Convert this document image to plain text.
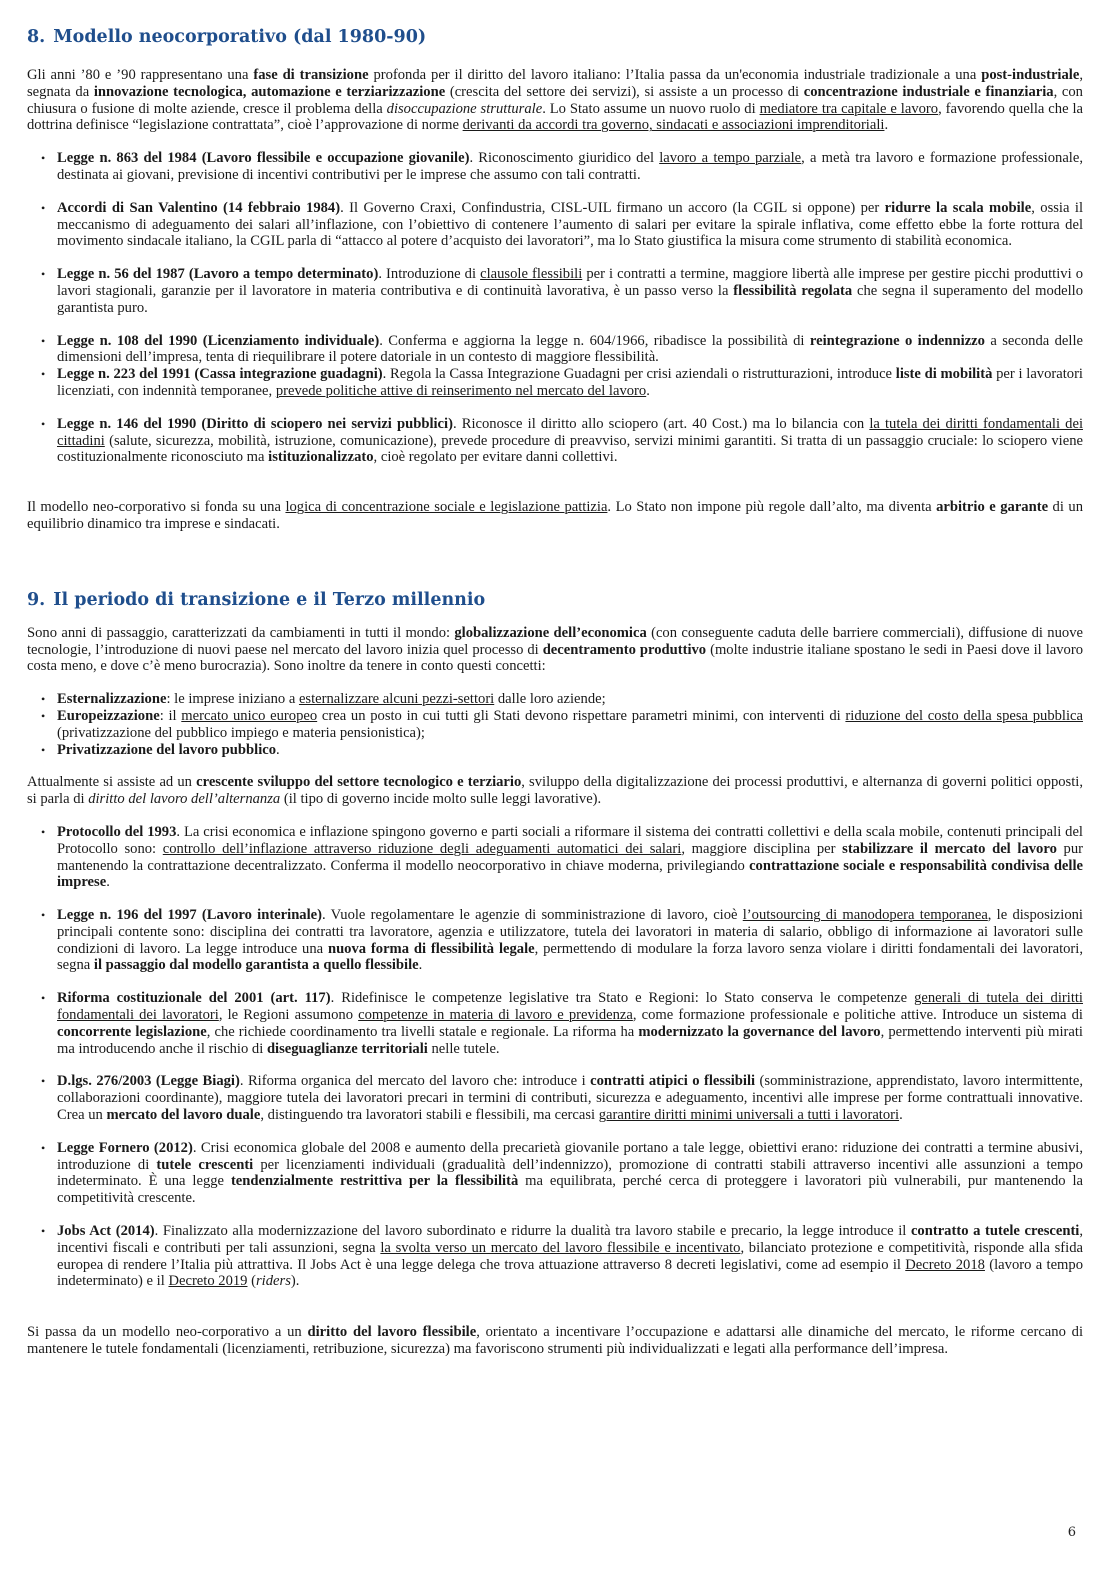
8. Modello neocorporativo (dal 1980-90)

Gli anni ’80 e ’90 rappresentano una fase di transizione profonda per il diritto del lavoro italiano: l’Italia passa da un'economia industriale tradizionale a una post-industriale, segnata da innovazione tecnologica, automazione e terziarizzazione (crescita del settore dei servizi), si assiste a un processo di concentrazione industriale e finanziaria, con chiusura o fusione di molte aziende, cresce il problema della disoccupazione strutturale. Lo Stato assume un nuovo ruolo di mediatore tra capitale e lavoro, favorendo quella che la dottrina definisce “legislazione contrattata”, cioè l’approvazione di norme derivanti da accordi tra governo, sindacati e associazioni imprenditoriali.

• Legge n. 863 del 1984 (Lavoro flessibile e occupazione giovanile). Riconoscimento giuridico del lavoro a tempo parziale, a metà tra lavoro e formazione professionale, destinata ai giovani, previsione di incentivi contributivi per le imprese che assumo con tali contratti.
• Accordi di San Valentino (14 febbraio 1984). Il Governo Craxi, Confindustria, CISL-UIL firmano un accoro (la CGIL si oppone) per ridurre la scala mobile, ossia il meccanismo di adeguamento dei salari all’inflazione, con l’obiettivo di contenere l’aumento di salari per evitare la spirale inflativa, come effetto ebbe la forte rottura del movimento sindacale italiano, la CGIL parla di “attacco al potere d’acquisto dei lavoratori”, ma lo Stato giustifica la misura come strumento di stabilità economica.
• Legge n. 56 del 1987 (Lavoro a tempo determinato). Introduzione di clausole flessibili per i contratti a termine, maggiore libertà alle imprese per gestire picchi produttivi o lavori stagionali, garanzie per il lavoratore in materia contributiva e di continuità lavorativa, è un passo verso la flessibilità regolata che segna il superamento del modello garantista puro.
• Legge n. 108 del 1990 (Licenziamento individuale). Conferma e aggiorna la legge n. 604/1966, ribadisce la possibilità di reintegrazione o indennizzo a seconda delle dimensioni dell’impresa, tenta di riequilibrare il potere datoriale in un contesto di maggiore flessibilità.
• Legge n. 223 del 1991 (Cassa integrazione guadagni). Regola la Cassa Integrazione Guadagni per crisi aziendali o ristrutturazioni, introduce liste di mobilità per i lavoratori licenziati, con indennità temporanee, prevede politiche attive di reinserimento nel mercato del lavoro.
• Legge n. 146 del 1990 (Diritto di sciopero nei servizi pubblici). Riconosce il diritto allo sciopero (art. 40 Cost.) ma lo bilancia con la tutela dei diritti fondamentali dei cittadini (salute, sicurezza, mobilità, istruzione, comunicazione), prevede procedure di preavviso, servizi minimi garantiti. Si tratta di un passaggio cruciale: lo sciopero viene costituzionalmente riconosciuto ma istituzionalizzato, cioè regolato per evitare danni collettivi.

Il modello neo-corporativo si fonda su una logica di concentrazione sociale e legislazione pattizia. Lo Stato non impone più regole dall’alto, ma diventa arbitrio e garante di un equilibrio dinamico tra imprese e sindacati.

9. Il periodo di transizione e il Terzo millennio

Sono anni di passaggio, caratterizzati da cambiamenti in tutti il mondo: globalizzazione dell’economica (con conseguente caduta delle barriere commerciali), diffusione di nuove tecnologie, l’introduzione di nuovi paese nel mercato del lavoro inizia quel processo di decentramento produttivo (molte industrie italiane spostano le sedi in Paesi dove il lavoro costa meno, e dove c’è meno burocrazia). Sono inoltre da tenere in conto questi concetti:

• Esternalizzazione: le imprese iniziano a esternalizzare alcuni pezzi-settori dalle loro aziende;
• Europeizzazione: il mercato unico europeo crea un posto in cui tutti gli Stati devono rispettare parametri minimi, con interventi di riduzione del costo della spesa pubblica (privatizzazione del pubblico impiego e materia pensionistica);
• Privatizzazione del lavoro pubblico.

Attualmente si assiste ad un crescente sviluppo del settore tecnologico e terziario, sviluppo della digitalizzazione dei processi produttivi, e alternanza di governi politici opposti, si parla di diritto del lavoro dell’alternanza (il tipo di governo incide molto sulle leggi lavorative).

• Protocollo del 1993. La crisi economica e inflazione spingono governo e parti sociali a riformare il sistema dei contratti collettivi e della scala mobile, contenuti principali del Protocollo sono: controllo dell’inflazione attraverso riduzione degli adeguamenti automatici dei salari, maggiore disciplina per stabilizzare il mercato del lavoro pur mantenendo la contrattazione decentralizzato. Conferma il modello neocorporativo in chiave moderna, privilegiando contrattazione sociale e responsabilità condivisa delle imprese.
• Legge n. 196 del 1997 (Lavoro interinale). Vuole regolamentare le agenzie di somministrazione di lavoro, cioè l’outsourcing di manodopera temporanea, le disposizioni principali contente sono: disciplina dei contratti tra lavoratore, agenzia e utilizzatore, tutela dei lavoratori in materia di salario, obbligo di informazione ai lavoratori sulle condizioni di lavoro. La legge introduce una nuova forma di flessibilità legale, permettendo di modulare la forza lavoro senza violare i diritti fondamentali dei lavoratori, segna il passaggio dal modello garantista a quello flessibile.
• Riforma costituzionale del 2001 (art. 117). Ridefinisce le competenze legislative tra Stato e Regioni: lo Stato conserva le competenze generali di tutela dei diritti fondamentali dei lavoratori, le Regioni assumono competenze in materia di lavoro e previdenza, come formazione professionale e politiche attive. Introduce un sistema di concorrente legislazione, che richiede coordinamento tra livelli statale e regionale. La riforma ha modernizzato la governance del lavoro, permettendo interventi più mirati ma introducendo anche il rischio di diseguaglianze territoriali nelle tutele.
• D.lgs. 276/2003 (Legge Biagi). Riforma organica del mercato del lavoro che: introduce i contratti atipici o flessibili (somministrazione, apprendistato, lavoro intermittente, collaborazioni coordinante), maggiore tutela dei lavoratori precari in termini di contributi, sicurezza e adeguamento, incentivi alle imprese per forme contrattuali innovative. Crea un mercato del lavoro duale, distinguendo tra lavoratori stabili e flessibili, ma cercasi garantire diritti minimi universali a tutti i lavoratori.
• Legge Fornero (2012). Crisi economica globale del 2008 e aumento della precarietà giovanile portano a tale legge, obiettivi erano: riduzione dei contratti a termine abusivi, introduzione di tutele crescenti per licenziamenti individuali (gradualità dell’indennizzo), promozione di contratti stabili attraverso incentivi alle assunzioni a tempo indeterminato. È una legge tendenzialmente restrittiva per la flessibilità ma equilibrata, perché cerca di proteggere i lavoratori più vulnerabili, pur mantenendo la competitività crescente.
• Jobs Act (2014). Finalizzato alla modernizzazione del lavoro subordinato e ridurre la dualità tra lavoro stabile e precario, la legge introduce il contratto a tutele crescenti, incentivi fiscali e contributi per tali assunzioni, segna la svolta verso un mercato del lavoro flessibile e incentivato, bilanciato protezione e competitività, risponde alla sfida europea di rendere l’Italia più attrattiva. Il Jobs Act è una legge delega che trova attuazione attraverso 8 decreti legislativi, come ad esempio il Decreto 2018 (lavoro a tempo indeterminato) e il Decreto 2019 (riders).

Si passa da un modello neo-corporativo a un diritto del lavoro flessibile, orientato a incentivare l’occupazione e adattarsi alle dinamiche del mercato, le riforme cercano di mantenere le tutele fondamentali (licenziamenti, retribuzione, sicurezza) ma favoriscono strumenti più individualizzati e legati alla performance dell’impresa.

6
